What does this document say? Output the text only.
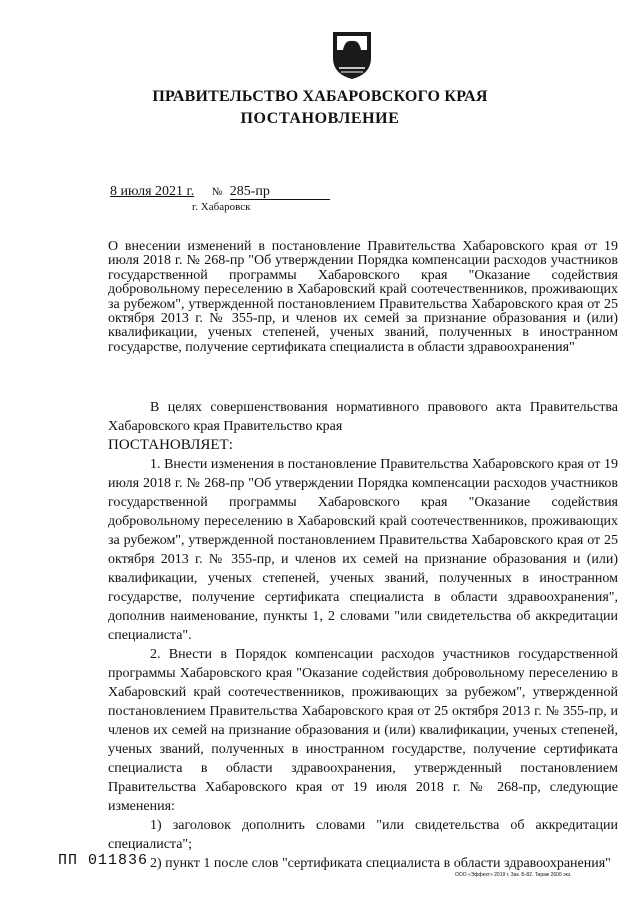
ПРАВИТЕЛЬСТВО ХАБАРОВСКОГО КРАЯ
ПОСТАНОВЛЕНИЕ
8 июля 2021 г. № 285-пр
г. Хабаровск
О внесении изменений в постановление Правительства Хабаровского края от 19 июля 2018 г. № 268-пр "Об утверждении Порядка компенсации расходов участников государственной программы Хабаровского края "Оказание содействия добровольному переселению в Хабаровский край соотечественников, проживающих за рубежом", утвержденной постановлением Правительства Хабаровского края от 25 октября 2013 г. № 355-пр, и членов их семей за признание образования и (или) квалификации, ученых степеней, ученых званий, полученных в иностранном государстве, получение сертификата специалиста в области здравоохранения"

В целях совершенствования нормативного правового акта Правительства Хабаровского края Правительство края

ПОСТАНОВЛЯЕТ:

1. Внести изменения в постановление Правительства Хабаровского края от 19 июля 2018 г. № 268-пр "Об утверждении Порядка компенсации расходов участников государственной программы Хабаровского края "Оказание содействия добровольному переселению в Хабаровский край соотечественников, проживающих за рубежом", утвержденной постановлением Правительства Хабаровского края от 25 октября 2013 г. № 355-пр, и членов их семей на признание образования и (или) квалификации, ученых степеней, ученых званий, полученных в иностранном государстве, получение сертификата специалиста в области здравоохранения", дополнив наименование, пункты 1, 2 словами "или свидетельства об аккредитации специалиста".

2. Внести в Порядок компенсации расходов участников государственной программы Хабаровского края "Оказание содействия добровольному переселению в Хабаровский край соотечественников, проживающих за рубежом", утвержденной постановлением Правительства Хабаровского края от 25 октября 2013 г. № 355-пр, и членов их семей на признание образования и (или) квалификации, ученых степеней, ученых званий, полученных в иностранном государстве, получение сертификата специалиста в области здравоохранения, утвержденный постановлением Правительства Хабаровского края от 19 июля 2018 г. № 268-пр, следующие изменения:

1) заголовок дополнить словами "или свидетельства об аккредитации специалиста";

2) пункт 1 после слов "сертификата специалиста в области здравоохранения"

ПП 011836
ООО «Эффект» 2019 г. Зак. Б-82. Тираж 2600 экз.
